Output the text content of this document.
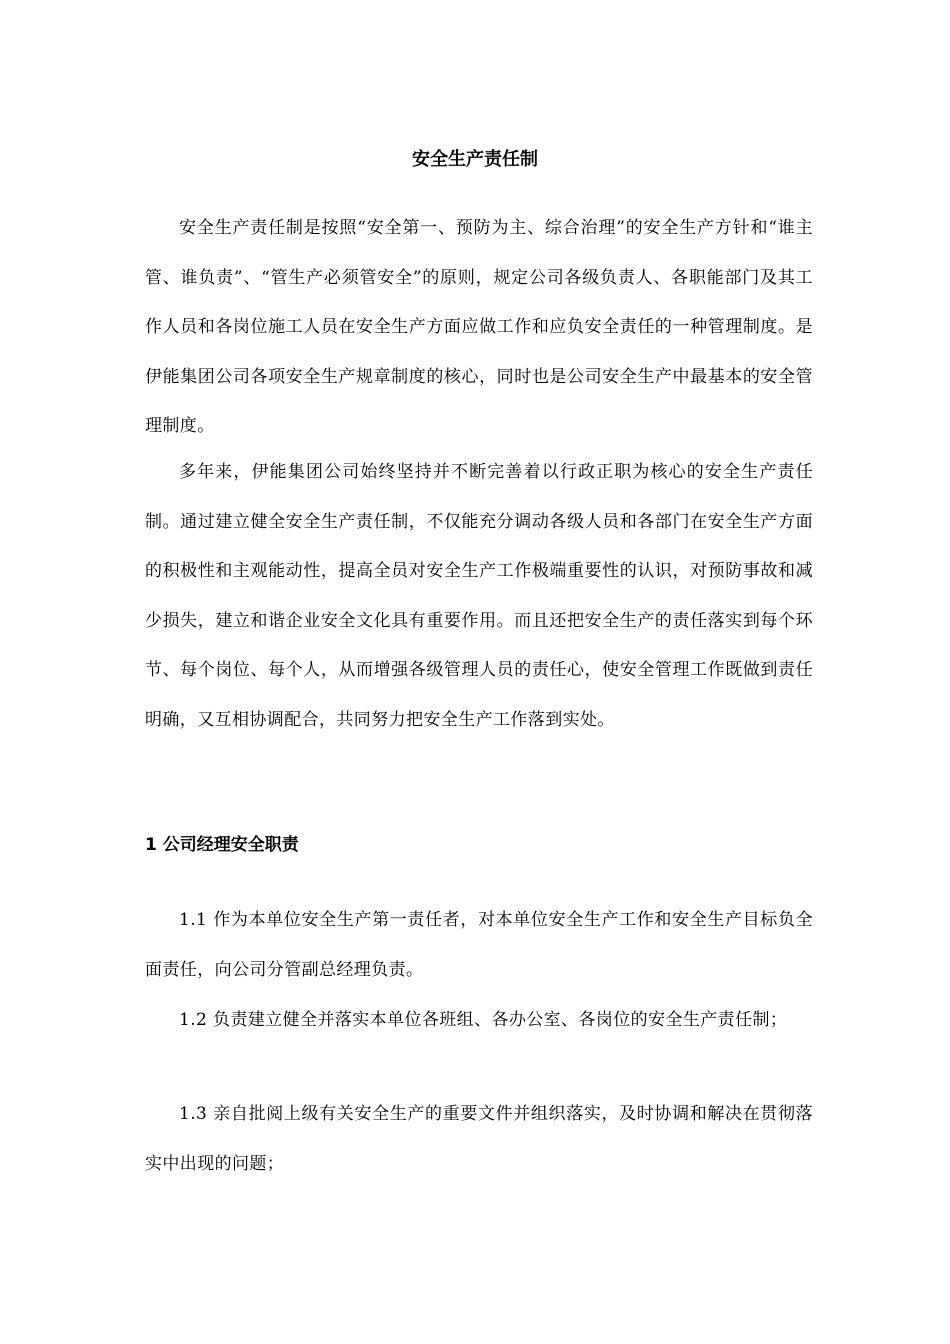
安全生产责任制

安全生产责任制是按照“安全第一、预防为主、综合治理”的安全生产方针和“谁主管、谁负责”、“管生产必须管安全”的原则，规定公司各级负责人、各职能部门及其工作人员和各岗位施工人员在安全生产方面应做工作和应负安全责任的一种管理制度。是伊能集团公司各项安全生产规章制度的核心，同时也是公司安全生产中最基本的安全管理制度。

多年来，伊能集团公司始终坚持并不断完善着以行政正职为核心的安全生产责任制。通过建立健全安全生产责任制，不仅能充分调动各级人员和各部门在安全生产方面的积极性和主观能动性，提高全员对安全生产工作极端重要性的认识，对预防事故和减少损失，建立和谐企业安全文化具有重要作用。而且还把安全生产的责任落实到每个环节、每个岗位、每个人，从而增强各级管理人员的责任心，使安全管理工作既做到责任明确，又互相协调配合，共同努力把安全生产工作落到实处。

1 公司经理安全职责

1.1 作为本单位安全生产第一责任者，对本单位安全生产工作和安全生产目标负全面责任，向公司分管副总经理负责。

1.2 负责建立健全并落实本单位各班组、各办公室、各岗位的安全生产责任制；

1.3 亲自批阅上级有关安全生产的重要文件并组织落实，及时协调和解决在贯彻落实中出现的问题；
